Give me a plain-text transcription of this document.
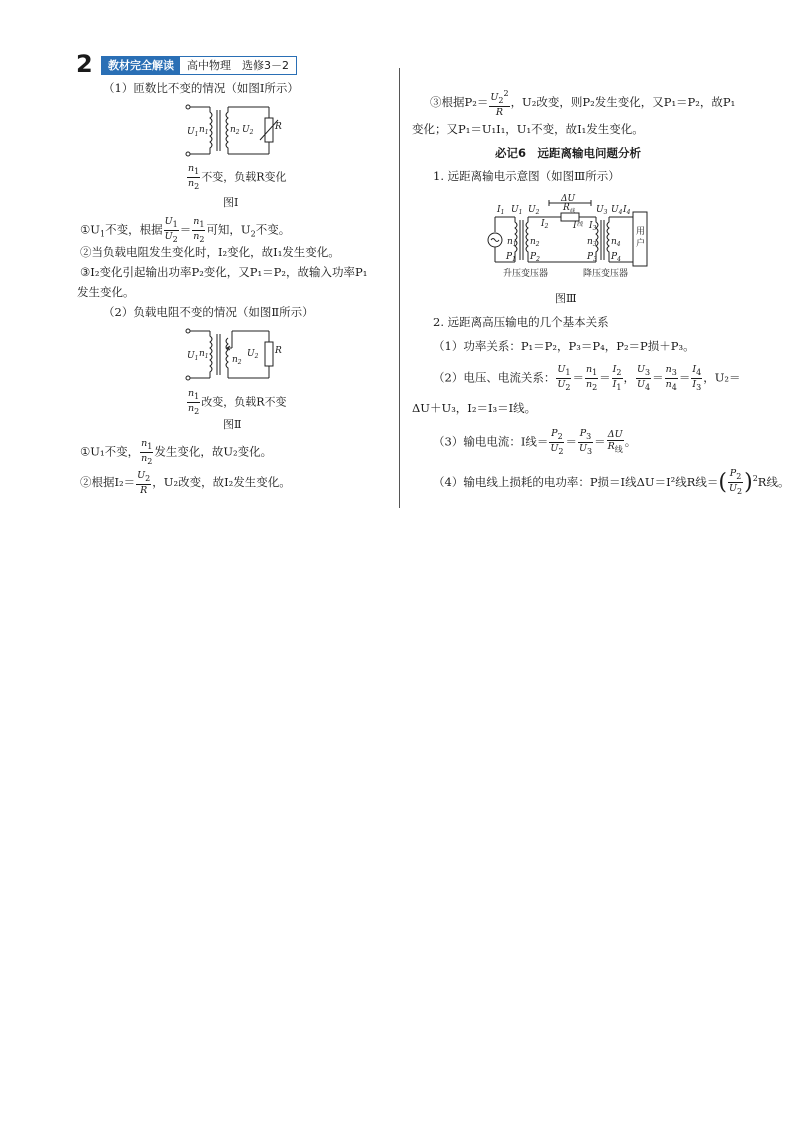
2	教材完全解读	高中物理　选修3－2
（1）匝数比不变的情况（如图Ⅰ所示）
$U_1$ $n_1$ $n_2$ $U_2$
R
$\frac{n_1}{n_2}$ 不变，负载R变化
图Ⅰ
$①U_1$不变，根据 $\frac{U_1}{U_2} = \frac{n_1}{n_2}$ 可知，$U_2$不变。
②当负载电阻发生变化时，I₂变化，故I₁发生变化。
③I₂变化引起输出功率P₂变化，又P₁＝P₂，故输入功率P₁
发生变化。
（2）负载电阻不变的情况（如图Ⅱ所示）
$U_1$ $n_1$	$n_2$
$U_2$
R
$\frac{n_1}{n_2}$ 改变，负载R不变
图Ⅱ
①U₁不变， $\frac{n_1}{n_2}$ 发生变化，故U₂变化。
②根据$I_2= \frac{U_2}{R}$ ，U₂改变，故I₂发生变化。
③根据$P_2= \frac{U_2^2}{R}$ ，U₂改变，则P₂发生变化，又P₁＝P₂，故P₁
变化；又P₁＝U₁I₁，U₁不变，故I₁发生变化。
必记6　远距离输电问题分析
1. 远距离输电示意图（如图Ⅲ所示）
ΔU
用
户
$I_1$ $U_1$ $U_2$	$U_3$ $U_4$ $I_4$
$R_线$
$I_2$	$I^线$ $I_3$
$n_1$ $n_2$	$n_3$ $n_4$
$P_1$ $P_2$	$P_3$ $P_4$
升压变压器	降压变压器
图Ⅲ
2. 远距离高压输电的几个基本关系
（1）功率关系：P₁＝P₂，P₃＝P₄，P₂＝P损＋P₃。
（2）电压、电流关系： $\frac{U_1}{U_2} = \frac{n_1}{n_2} = \frac{I_2}{I_1}$ ， $\frac{U_3}{U_4} = \frac{n_3}{n_4} = \frac{I_4}{I_3}$ ，U₂＝
ΔU＋U₃，I₂＝I₃＝I线。
（3）输电电流：I线＝ $\frac{P_2}{U_2} = \frac{P_3}{U_3} = \frac{\Delta U}{R_线}$ 。
（4）输电线上损耗的电功率：P损＝I线ΔU＝I²线R线＝( $\frac{P_2}{U_2} )^2R$线。
